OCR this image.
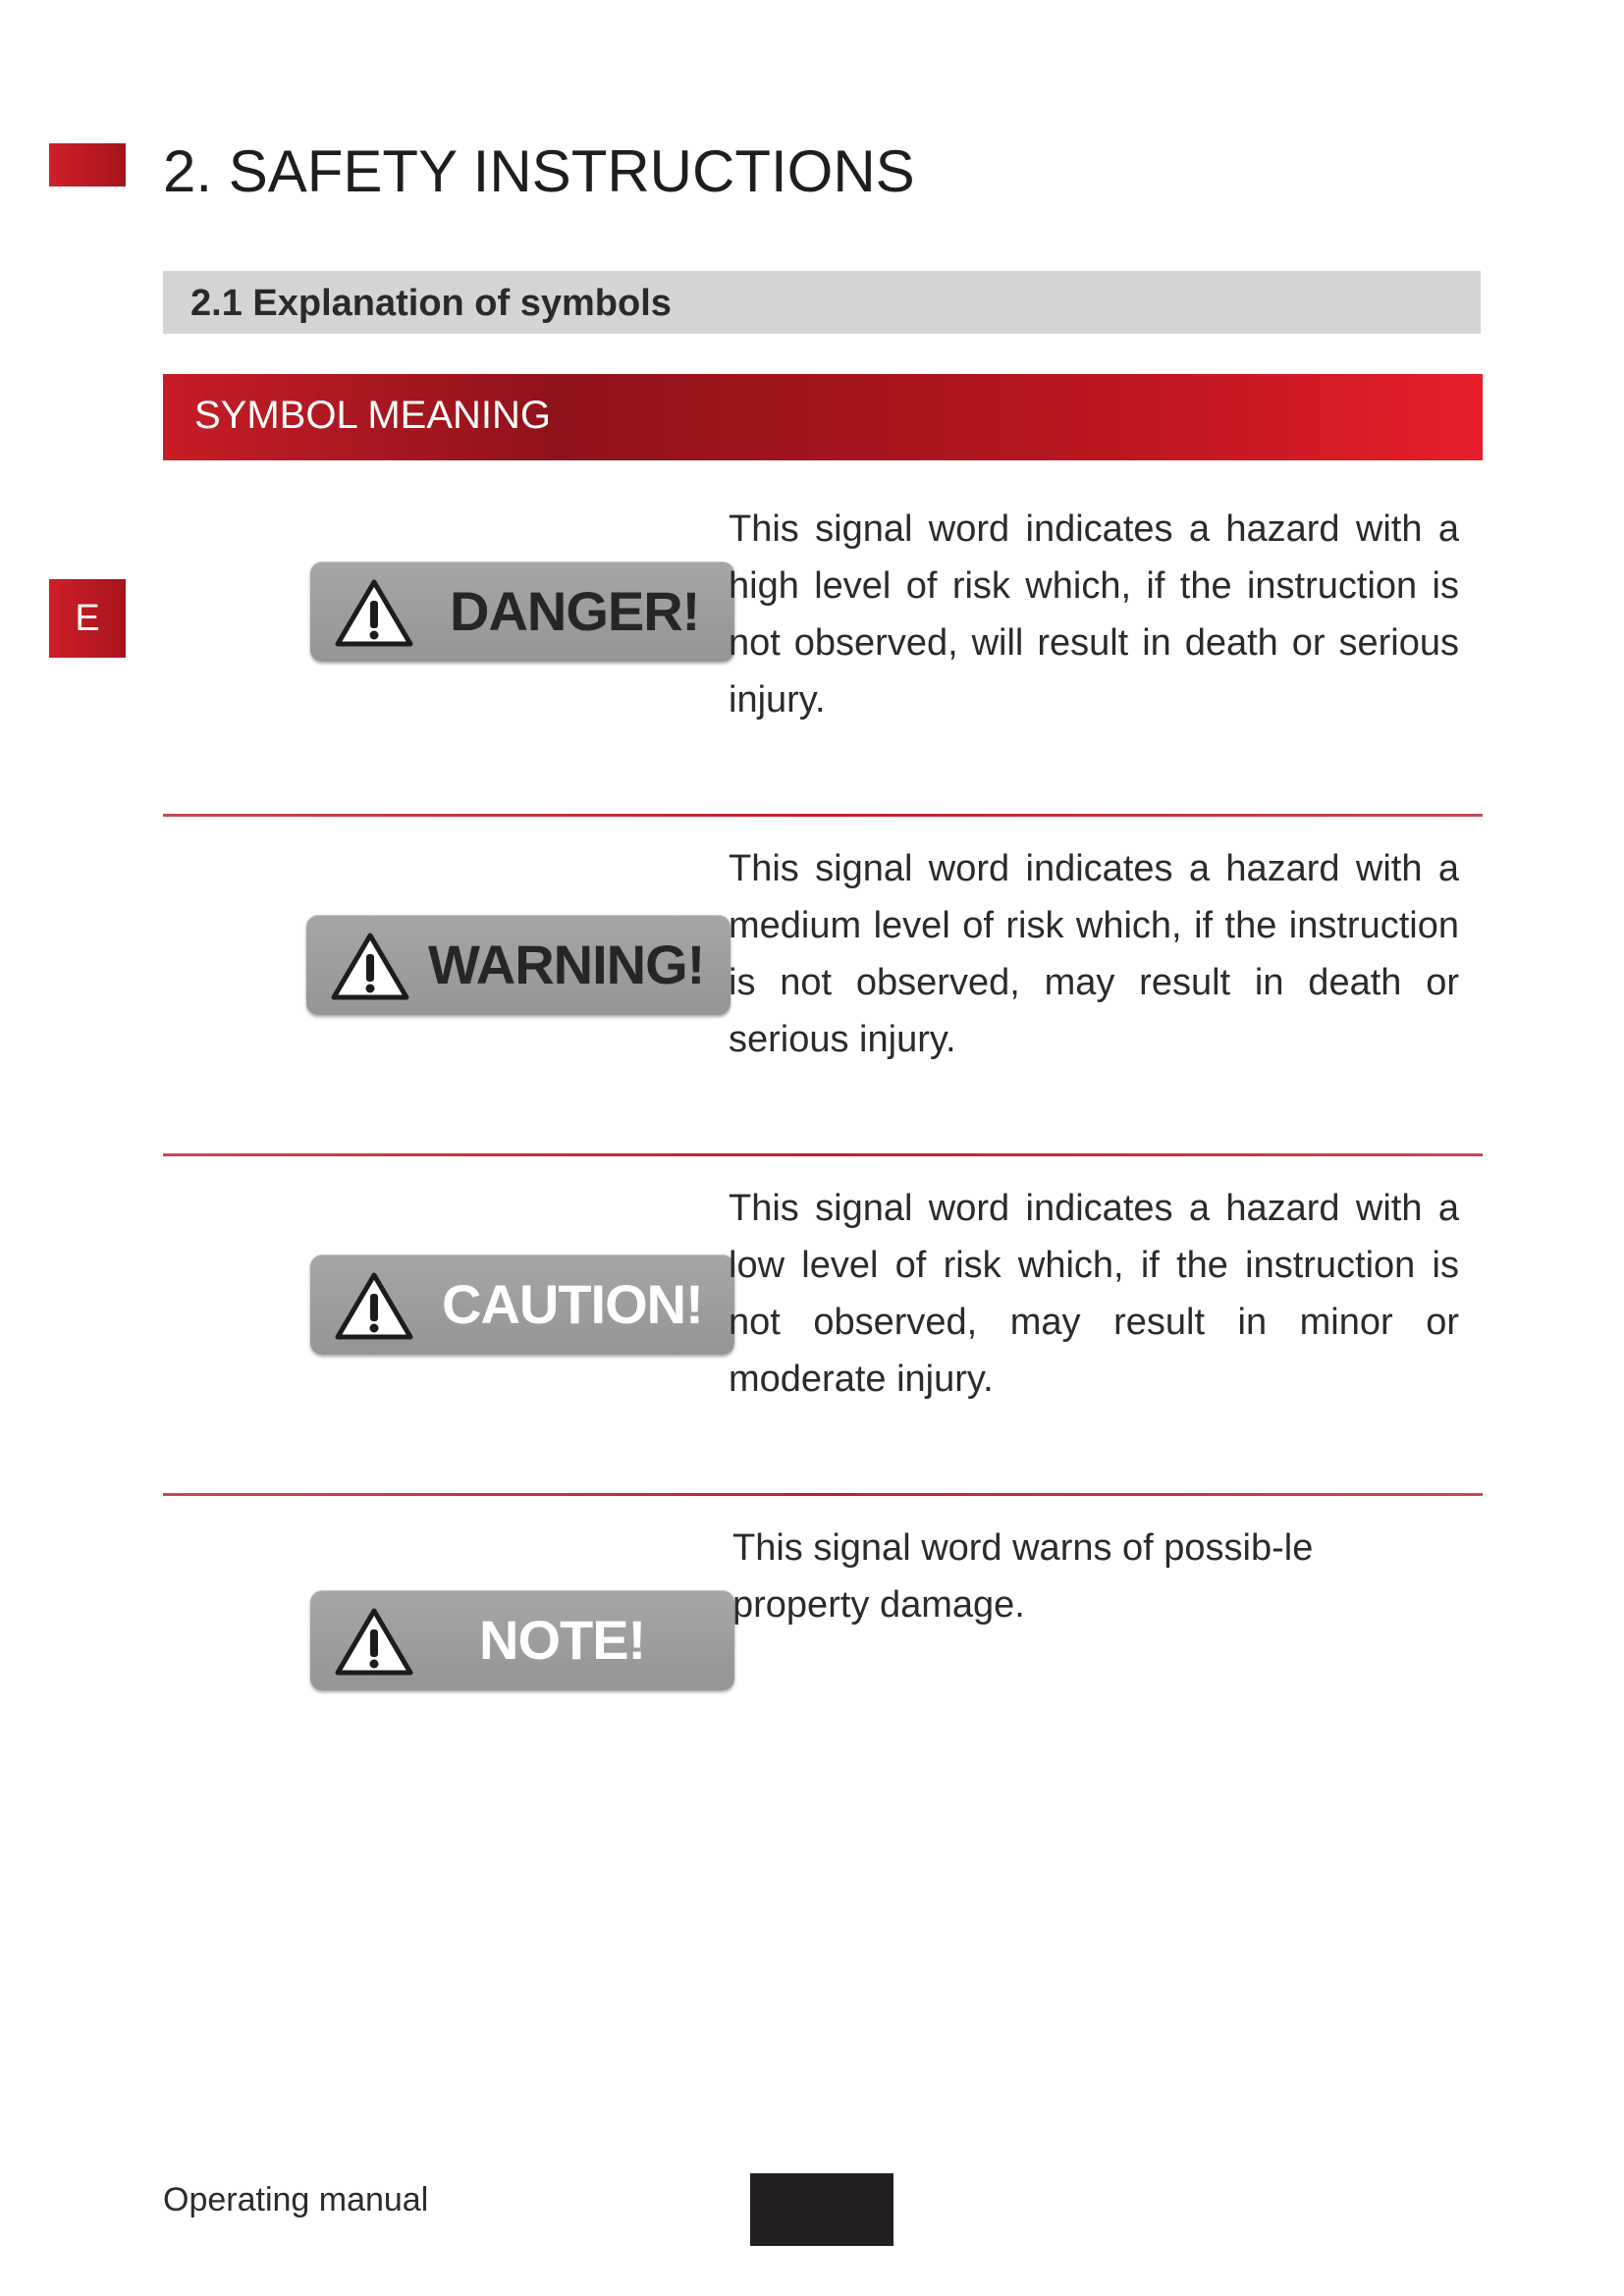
2. SAFETY INSTRUCTIONS
2.1 Explanation of symbols
SYMBOL MEANING
E	DANGER!

This signal word indicates a hazard with a high level of risk which, if the instruction is not observed, will result in death or serious injury.

WARNING!

This signal word indicates a hazard with a medium level of risk which, if the instruction is not observed, may result in death or serious injury.

CAUTION!

This signal word indicates a hazard with a low level of risk which, if the instruction is not observed, may result in minor or moderate injury.

NOTE!

This signal word warns of possib-le property damage.

Operating manual
